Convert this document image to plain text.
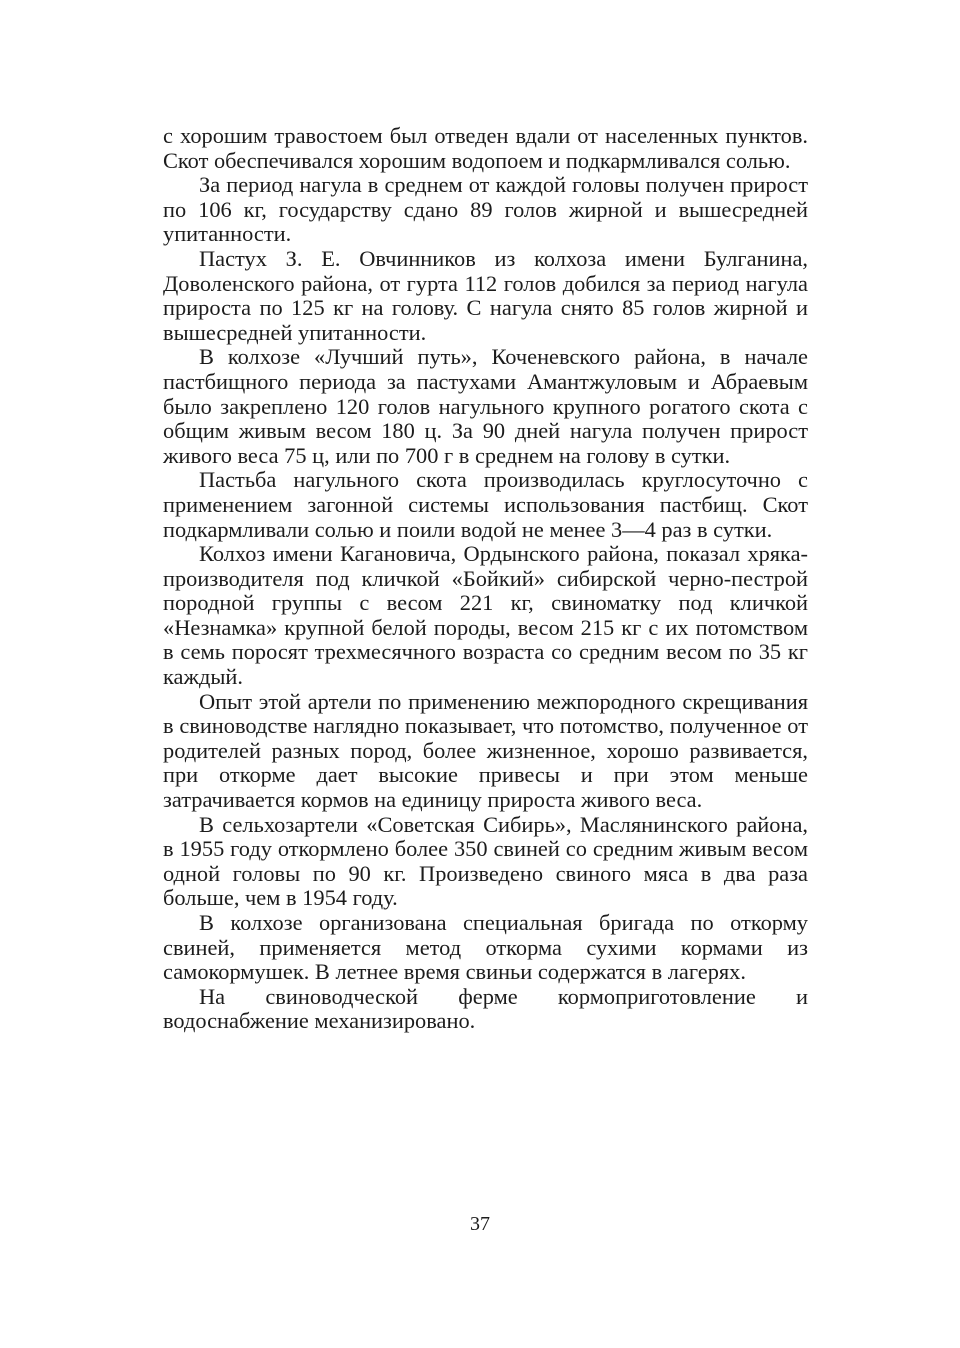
с хорошим травостоем был отведен вдали от населенных пунктов. Скот обеспечивался хорошим водопоем и подкармливался солью.

За период нагула в среднем от каждой головы получен прирост по 106 кг, государству сдано 89 голов жирной и вышесредней упитанности.

Пастух З. Е. Овчинников из колхоза имени Булганина, Доволенского района, от гурта 112 голов добился за период нагула прироста по 125 кг на голову. С нагула снято 85 голов жирной и вышесредней упитанности.

В колхозе «Лучший путь», Коченевского района, в начале пастбищного периода за пастухами Амантжуловым и Абраевым было закреплено 120 голов нагульного крупного рогатого скота с общим живым весом 180 ц. За 90 дней нагула получен прирост живого веса 75 ц, или по 700 г в среднем на голову в сутки.

Пастьба нагульного скота производилась круглосуточно с применением загонной системы использования пастбищ. Скот подкармливали солью и поили водой не менее 3—4 раз в сутки.

Колхоз имени Кагановича, Ордынского района, показал хряка-производителя под кличкой «Бойкий» сибирской черно-пестрой породной группы с весом 221 кг, свиноматку под кличкой «Незнамка» крупной белой породы, весом 215 кг с их потомством в семь поросят трехмесячного возраста со средним весом по 35 кг каждый.

Опыт этой артели по применению межпородного скрещивания в свиноводстве наглядно показывает, что потомство, полученное от родителей разных пород, более жизненное, хорошо развивается, при откорме дает высокие привесы и при этом меньше затрачивается кормов на единицу прироста живого веса.

В сельхозартели «Советская Сибирь», Маслянинского района, в 1955 году откормлено более 350 свиней со средним живым весом одной головы по 90 кг. Произведено свиного мяса в два раза больше, чем в 1954 году.

В колхозе организована специальная бригада по откорму свиней, применяется метод откорма сухими кормами из самокормушек. В летнее время свиньи содержатся в лагерях.

На свиноводческой ферме кормоприготовление и водоснабжение механизировано.

37
